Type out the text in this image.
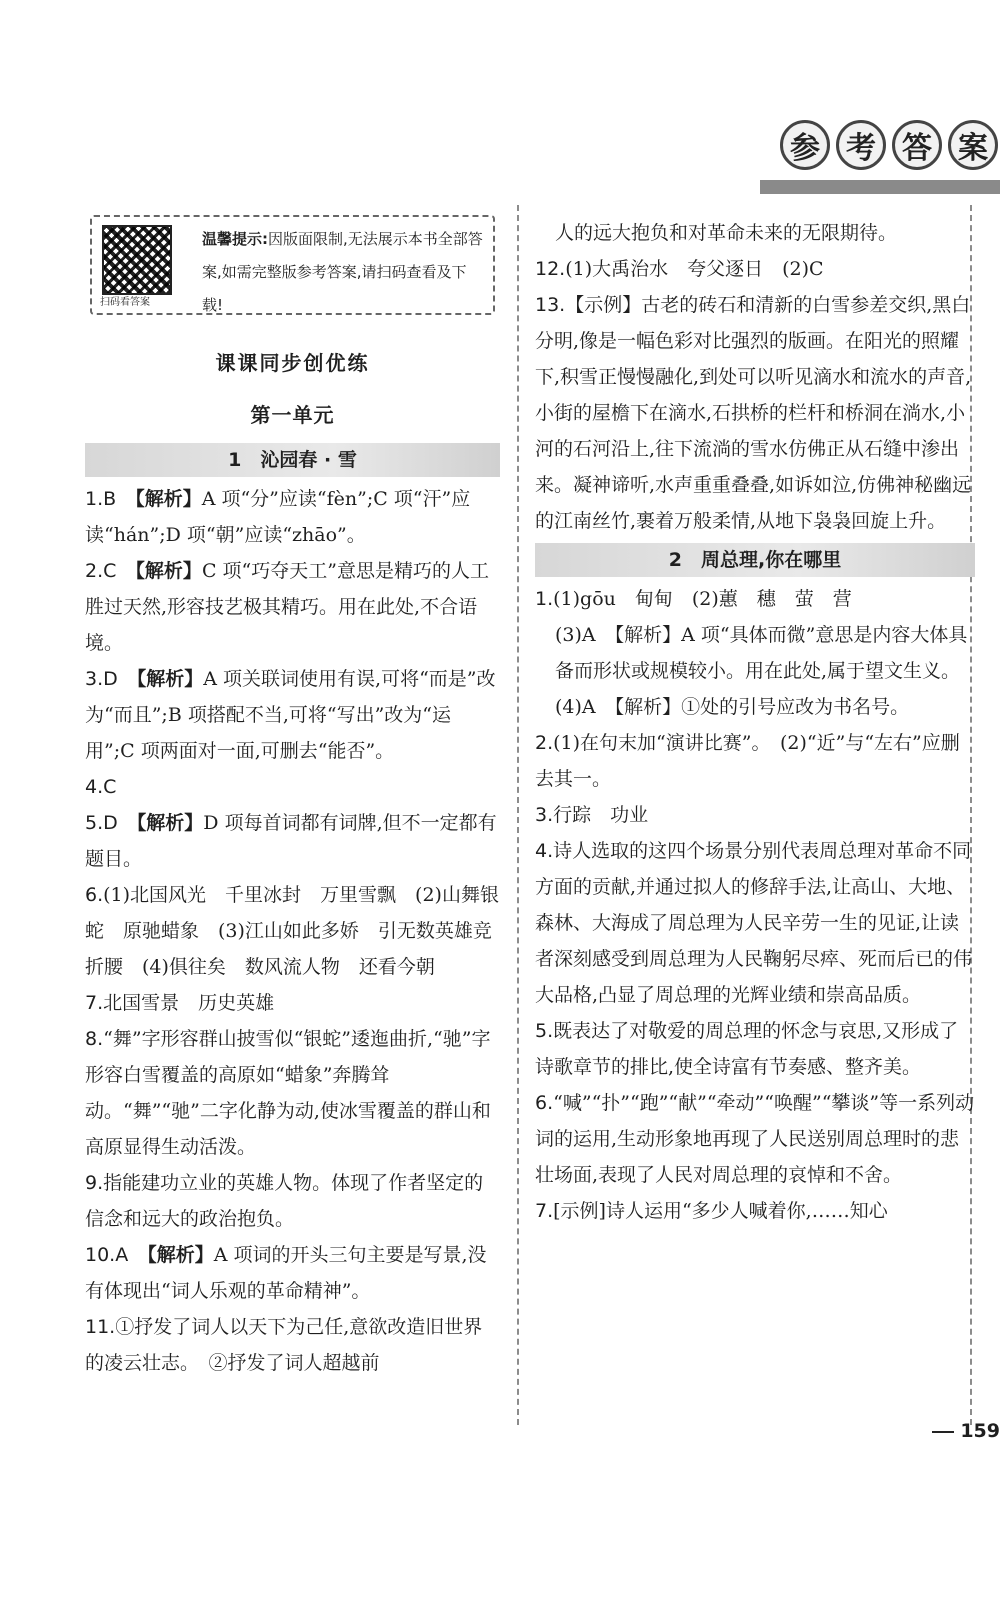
参 考 答 案
扫码看答案
温馨提示:因版面限制,无法展示本书全部答案,如需完整版参考答案,请扫码查看及下载!
课课同步创优练
第一单元
1　沁园春 · 雪

1.B　 【解析】A 项“分”应读“fèn”;C 项“汗”应读“hán”;D 项“朝”应读“zhāo”。

2.C　 【解析】C 项“巧夺天工”意思是精巧的人工胜过天然,形容技艺极其精巧。用在此处,不合语境。

3.D　 【解析】A 项关联词使用有误,可将“而是”改为“而且”;B 项搭配不当,可将“写出”改为“运用”;C 项两面对一面,可删去“能否”。

4.C

5.D　 【解析】D 项每首词都有词牌,但不一定都有题目。

6.(1)北国风光　千里冰封　万里雪飘　(2)山舞银蛇　原驰蜡象　(3)江山如此多娇　引无数英雄竞折腰　(4)俱往矣　数风流人物　还看今朝

7.北国雪景　历史英雄

8.“舞”字形容群山披雪似“银蛇”逶迤曲折,“驰”字形容白雪覆盖的高原如“蜡象”奔腾耸动。“舞”“驰”二字化静为动,使冰雪覆盖的群山和高原显得生动活泼。

9.指能建功立业的英雄人物。体现了作者坚定的信念和远大的政治抱负。

10.A　 【解析】A 项词的开头三句主要是写景,没有体现出“词人乐观的革命精神”。

11.①抒发了词人以天下为己任,意欲改造旧世界的凌云壮志。　②抒发了词人超越前

人的远大抱负和对革命未来的无限期待。

12.(1)大禹治水　夸父逐日　(2)C

13.【示例】古老的砖石和清新的白雪参差交织,黑白分明,像是一幅色彩对比强烈的版画。在阳光的照耀下,积雪正慢慢融化,到处可以听见滴水和流水的声音,小街的屋檐下在滴水,石拱桥的栏杆和桥洞在淌水,小河的石河沿上,往下流淌的雪水仿佛正从石缝中渗出来。凝神谛听,水声重重叠叠,如诉如泣,仿佛神秘幽远的江南丝竹,裹着万般柔情,从地下袅袅回旋上升。

2　周总理,你在哪里

1.(1)gōu　甸甸　(2)蕙　穗　萤　营

(3)A　【解析】A 项“具体而微”意思是内容大体具备而形状或规模较小。用在此处,属于望文生义。

(4)A　【解析】①处的引号应改为书名号。

2.(1)在句末加“演讲比赛”。　(2)“近”与“左右”应删去其一。

3.行踪　功业

4.诗人选取的这四个场景分别代表周总理对革命不同方面的贡献,并通过拟人的修辞手法,让高山、大地、森林、大海成了周总理为人民辛劳一生的见证,让读者深刻感受到周总理为人民鞠躬尽瘁、死而后已的伟大品格,凸显了周总理的光辉业绩和崇高品质。

5.既表达了对敬爱的周总理的怀念与哀思,又形成了诗歌章节的排比,使全诗富有节奏感、整齐美。

6.“喊”“扑”“跑”“献”“牵动”“唤醒”“攀谈”等一系列动词的运用,生动形象地再现了人民送别周总理时的悲壮场面,表现了人民对周总理的哀悼和不舍。

7.[示例]诗人运用“多少人喊着你,……知心

159
